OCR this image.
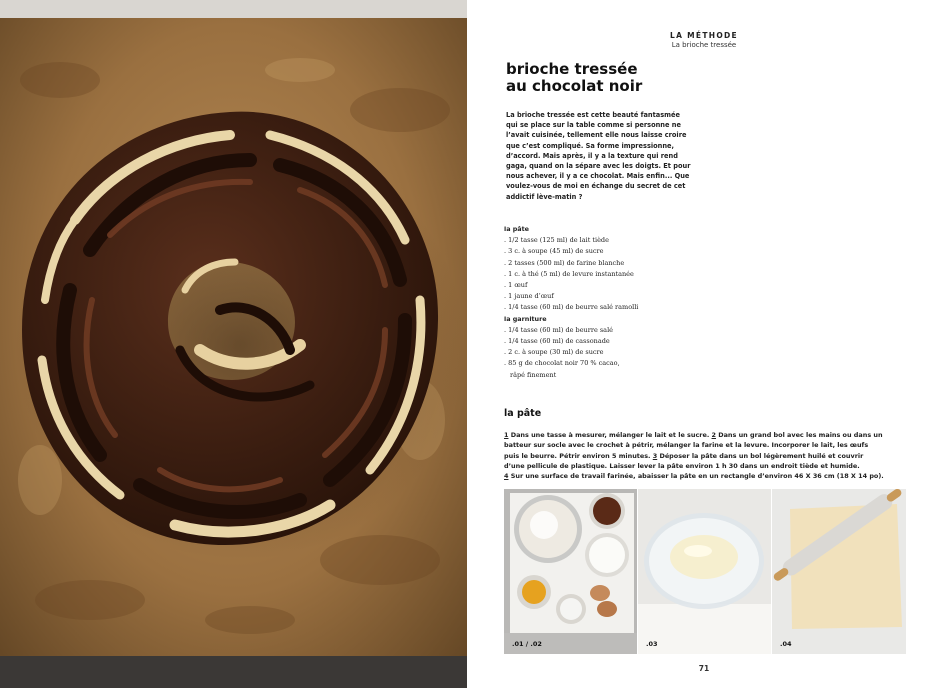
LA MÉTHODE
La brioche tressée
brioche tressée
au chocolat noir
La brioche tressée est cette beauté fantasmée
qui se place sur la table comme si personne ne
l’avait cuisinée, tellement elle nous laisse croire
que c’est compliqué. Sa forme impressionne,
d’accord. Mais après, il y a la texture qui rend
gaga, quand on la sépare avec les doigts. Et pour
nous achever, il y a ce chocolat. Mais enfin... Que
voulez-vous de moi en échange du secret de cet
addictif lève-matin ?
la pâte
. 1/2 tasse (125 ml) de lait tiède
. 3 c. à soupe (45 ml) de sucre
. 2 tasses (500 ml) de farine blanche
. 1 c. à thé (5 ml) de levure instantanée
. 1 œuf
. 1 jaune d’œuf
. 1/4 tasse (60 ml) de beurre salé ramolli
la garniture
. 1/4 tasse (60 ml) de beurre salé
. 1/4 tasse (60 ml) de cassonade
. 2 c. à soupe (30 ml) de sucre
. 85 g de chocolat noir 70 % cacao,
râpé finement
la pâte
1 Dans une tasse à mesurer, mélanger le lait et le sucre. 2 Dans un grand bol avec les mains ou dans un
batteur sur socle avec le crochet à pétrir, mélanger la farine et la levure. Incorporer le lait, les œufs
puis le beurre. Pétrir environ 5 minutes. 3 Déposer la pâte dans un bol légèrement huilé et couvrir
d’une pellicule de plastique. Laisser lever la pâte environ 1 h 30 dans un endroit tiède et humide.
4 Sur une surface de travail farinée, abaisser la pâte en un rectangle d’environ 46 X 36 cm (18 X 14 po).
.01 / .02	.03	.04
71
